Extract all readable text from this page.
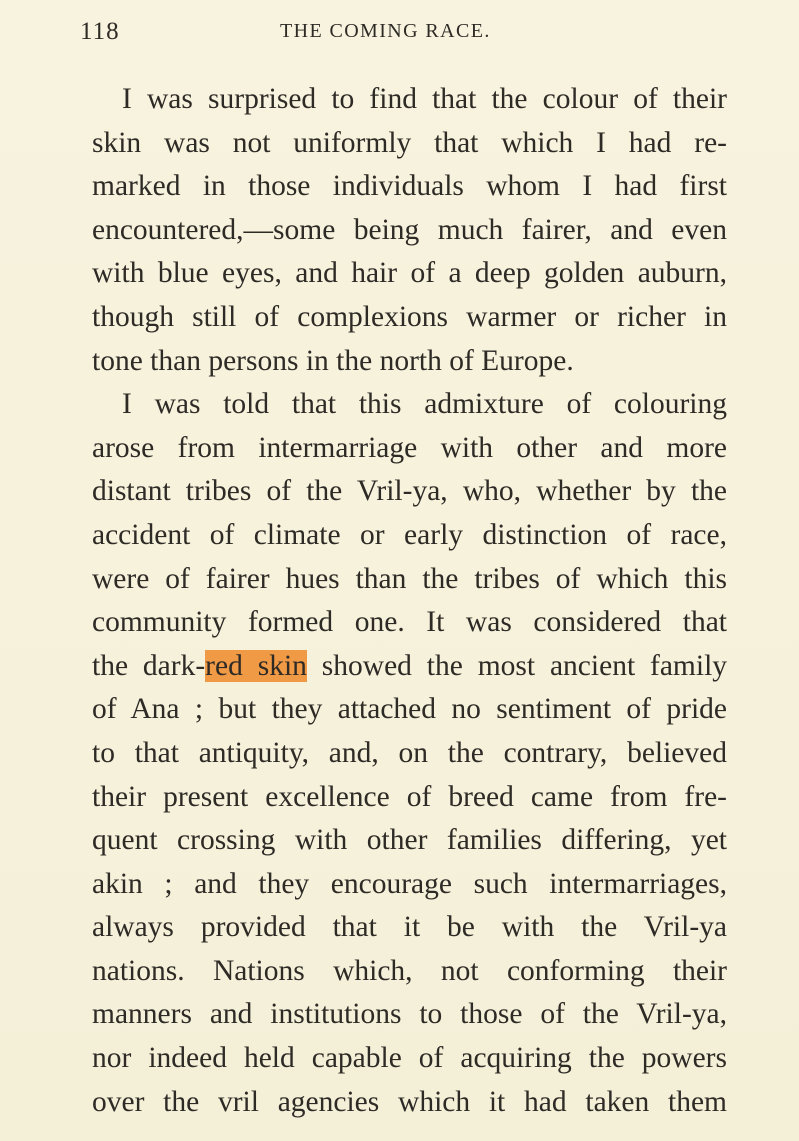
118	THE COMING RACE.
I was surprised to find that the colour of their
skin was not uniformly that which I had re-
marked in those individuals whom I had first
encountered,—some being much fairer, and even
with blue eyes, and hair of a deep golden auburn,
though still of complexions warmer or richer in
tone than persons in the north of Europe.
I was told that this admixture of colouring
arose from intermarriage with other and more
distant tribes of the Vril-ya, who, whether by the
accident of climate or early distinction of race,
were of fairer hues than the tribes of which this
community formed one. It was considered that
the dark-red skin showed the most ancient family
of Ana ; but they attached no sentiment of pride
to that antiquity, and, on the contrary, believed
their present excellence of breed came from fre-
quent crossing with other families differing, yet
akin ; and they encourage such intermarriages,
always provided that it be with the Vril-ya
nations. Nations which, not conforming their
manners and institutions to those of the Vril-ya,
nor indeed held capable of acquiring the powers
over the vril agencies which it had taken them
